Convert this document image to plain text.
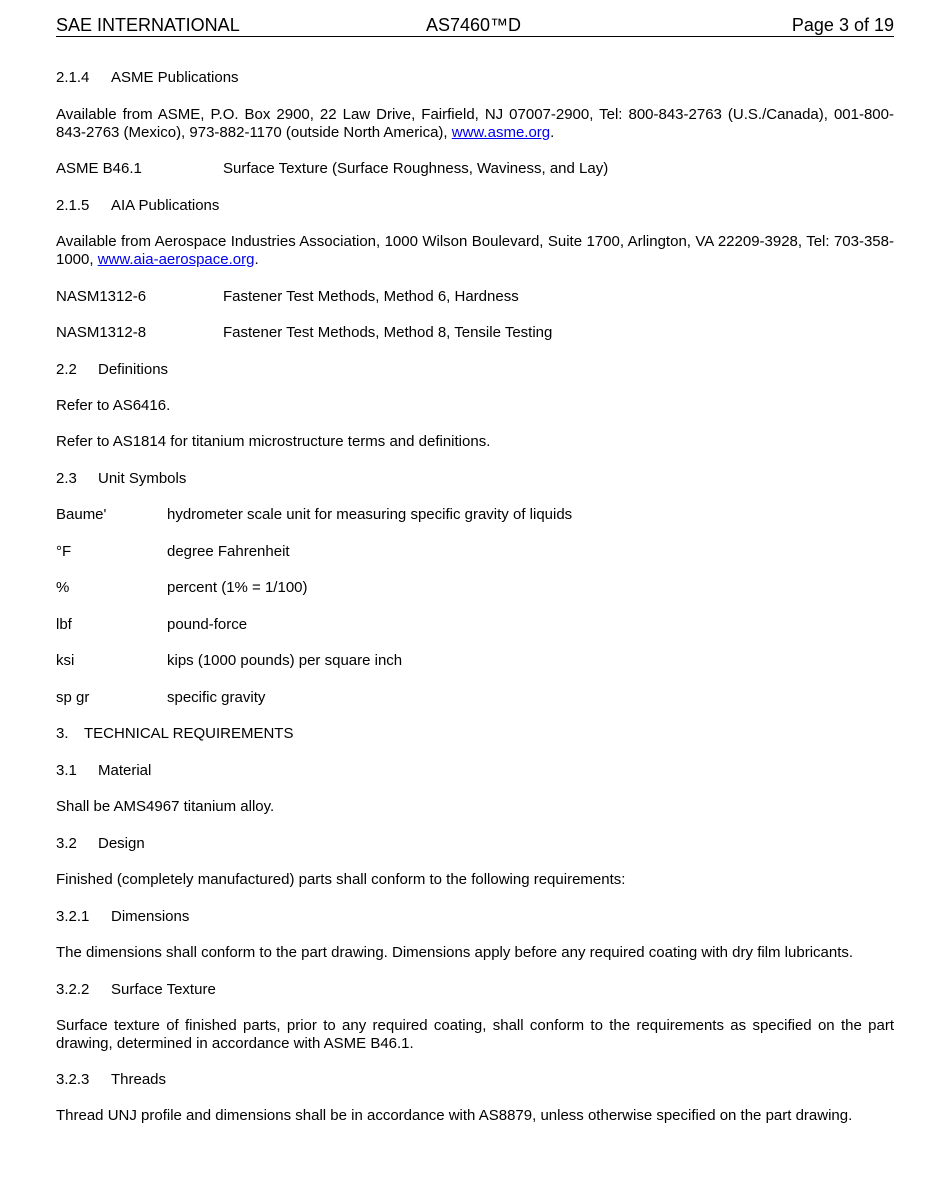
SAE INTERNATIONAL	AS7460™D	Page 3 of 19
2.1.4 ASME Publications
Available from ASME, P.O. Box 2900, 22 Law Drive, Fairfield, NJ 07007-2900, Tel: 800-843-2763 (U.S./Canada), 001-800-843-2763 (Mexico), 973-882-1170 (outside North America), www.asme.org.
ASME B46.1	Surface Texture (Surface Roughness, Waviness, and Lay)
2.1.5 AIA Publications
Available from Aerospace Industries Association, 1000 Wilson Boulevard, Suite 1700, Arlington, VA 22209-3928, Tel: 703-358-1000, www.aia-aerospace.org.
NASM1312-6	Fastener Test Methods, Method 6, Hardness
NASM1312-8	Fastener Test Methods, Method 8, Tensile Testing
2.2 Definitions
Refer to AS6416.
Refer to AS1814 for titanium microstructure terms and definitions.
2.3 Unit Symbols
Baume'	hydrometer scale unit for measuring specific gravity of liquids
°F	degree Fahrenheit
%	percent (1% = 1/100)
lbf	pound-force
ksi	kips (1000 pounds) per square inch
sp gr	specific gravity
3. TECHNICAL REQUIREMENTS
3.1 Material
Shall be AMS4967 titanium alloy.
3.2 Design
Finished (completely manufactured) parts shall conform to the following requirements:
3.2.1 Dimensions
The dimensions shall conform to the part drawing. Dimensions apply before any required coating with dry film lubricants.
3.2.2 Surface Texture
Surface texture of finished parts, prior to any required coating, shall conform to the requirements as specified on the part drawing, determined in accordance with ASME B46.1.
3.2.3 Threads
Thread UNJ profile and dimensions shall be in accordance with AS8879, unless otherwise specified on the part drawing.
